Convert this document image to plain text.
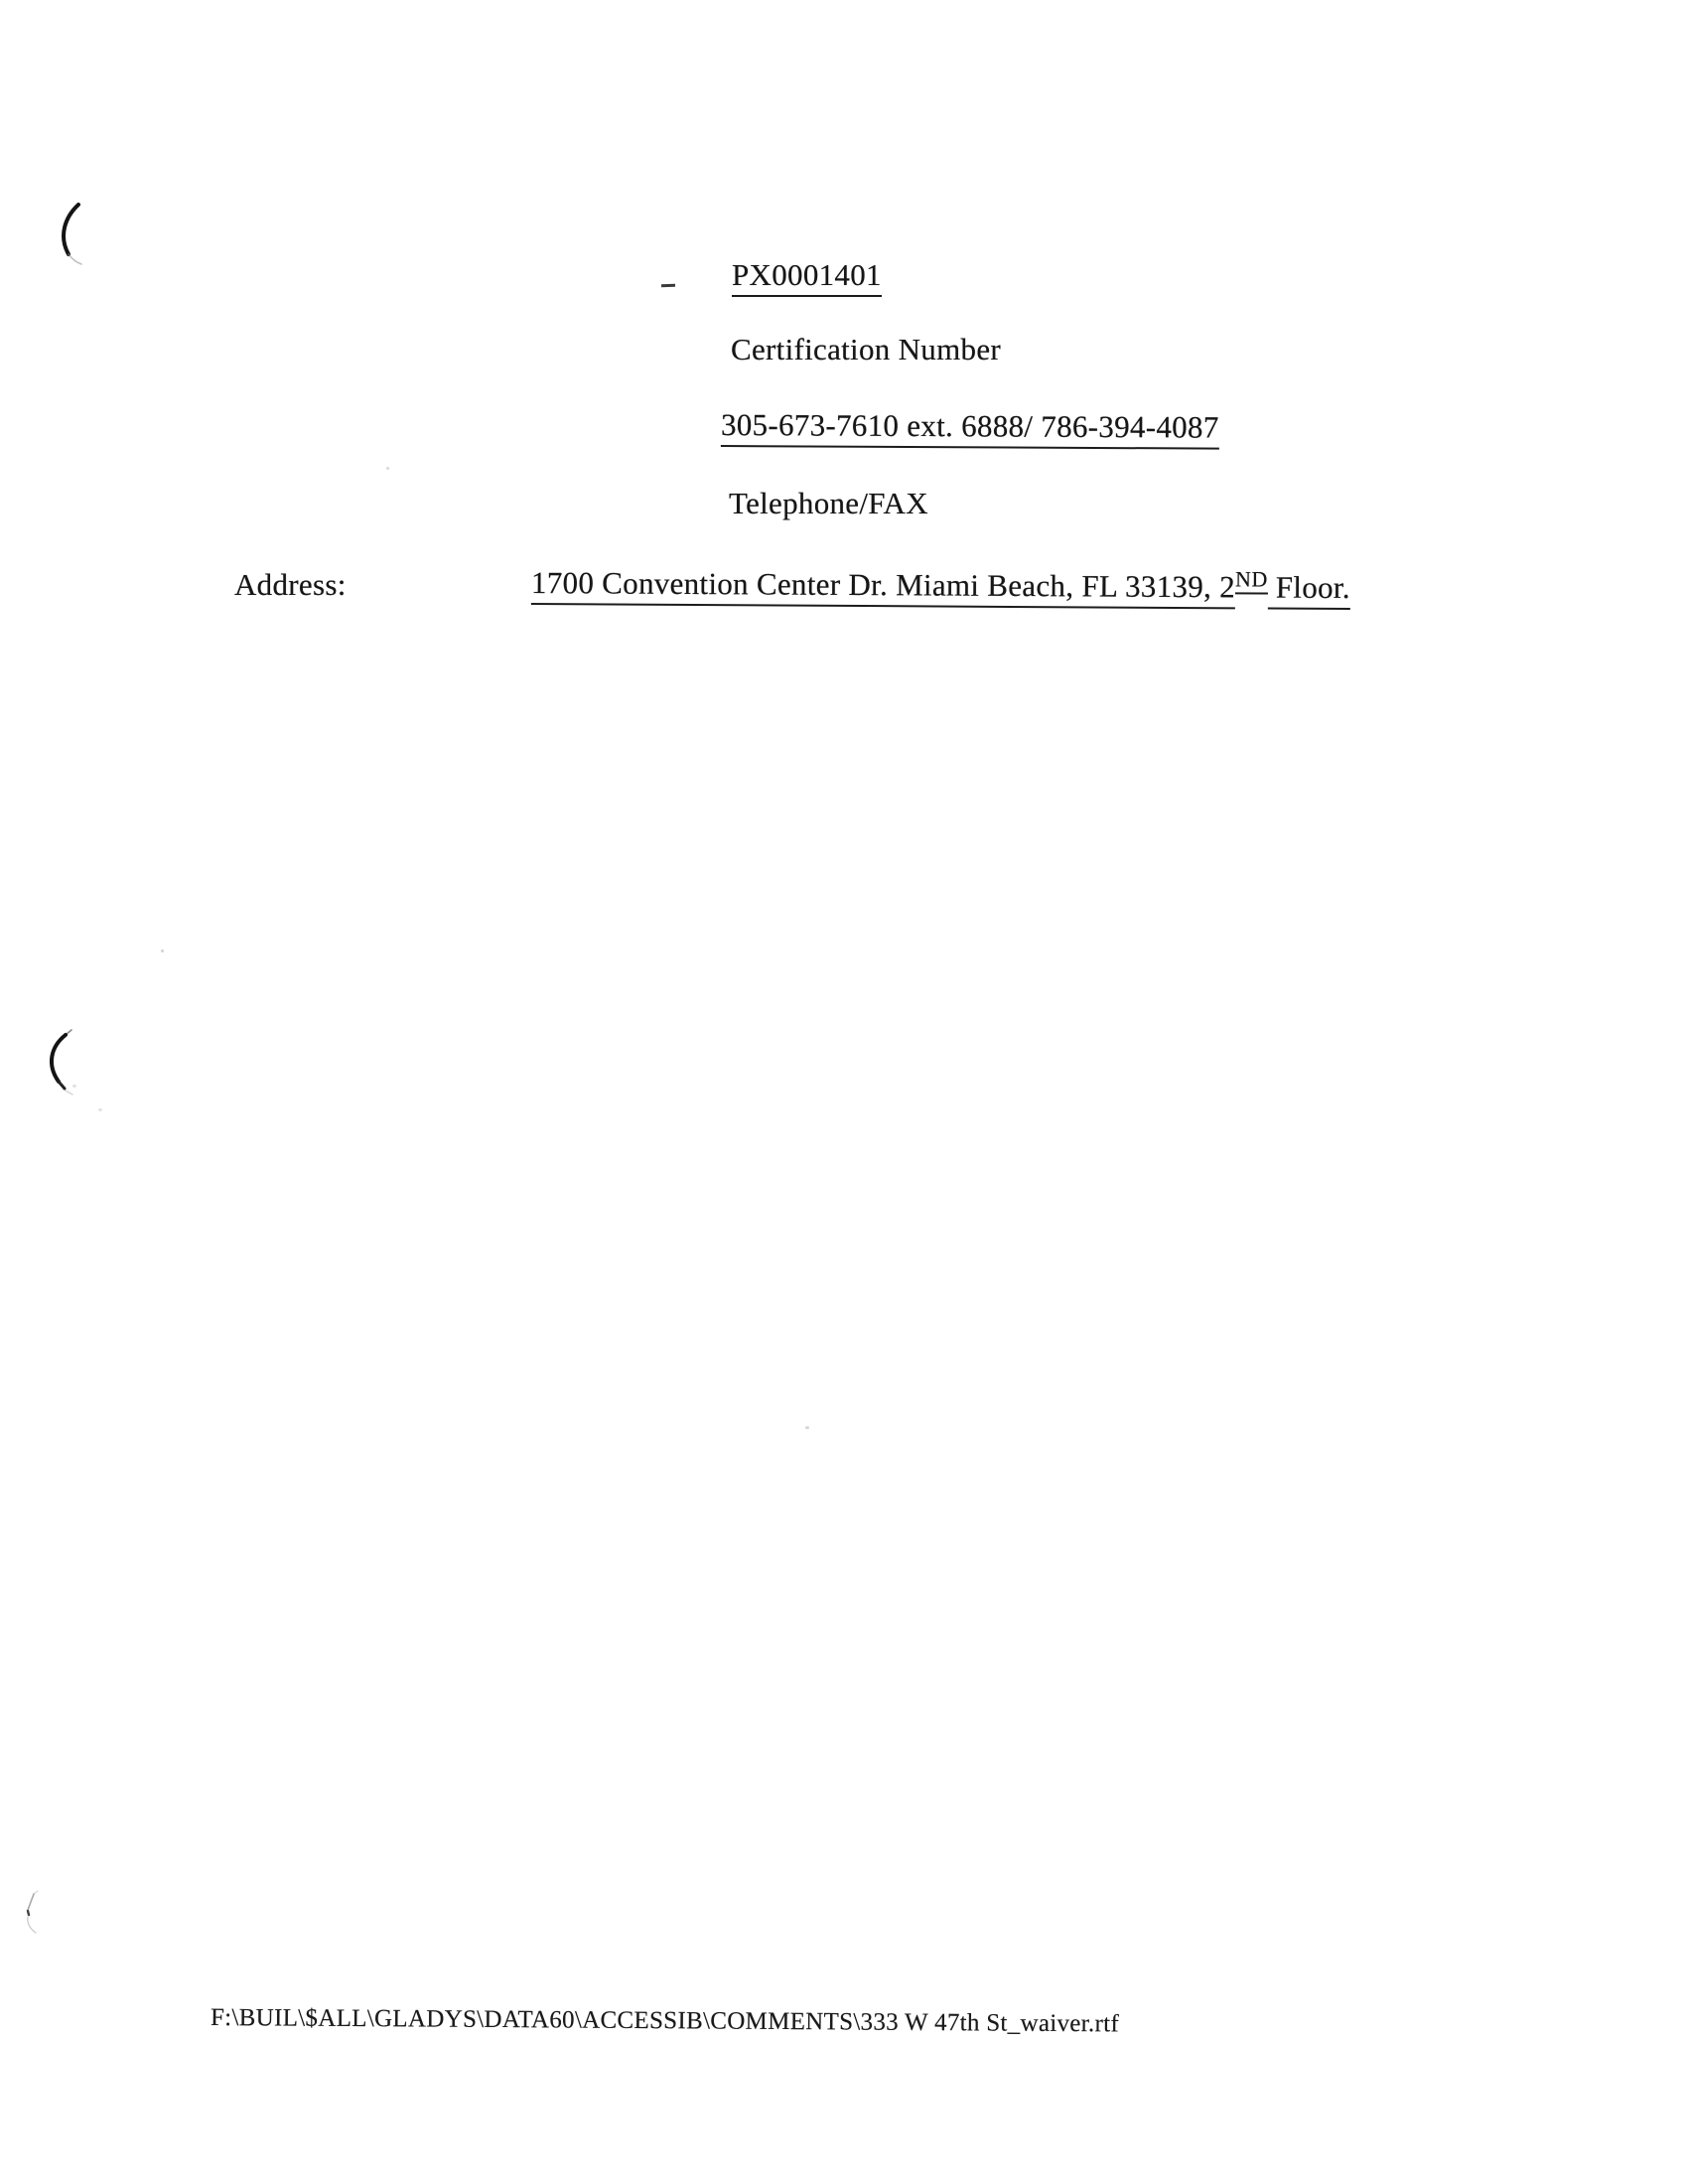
PX0001401
Certification Number
305-673-7610 ext. 6888/ 786-394-4087
Telephone/FAX
Address:	1700 Convention Center Dr. Miami Beach, FL 33139, 2ND Floor.
F:\BUIL\$ALL\GLADYS\DATA60\ACCESSIB\COMMENTS\333 W 47th St_waiver.rtf
